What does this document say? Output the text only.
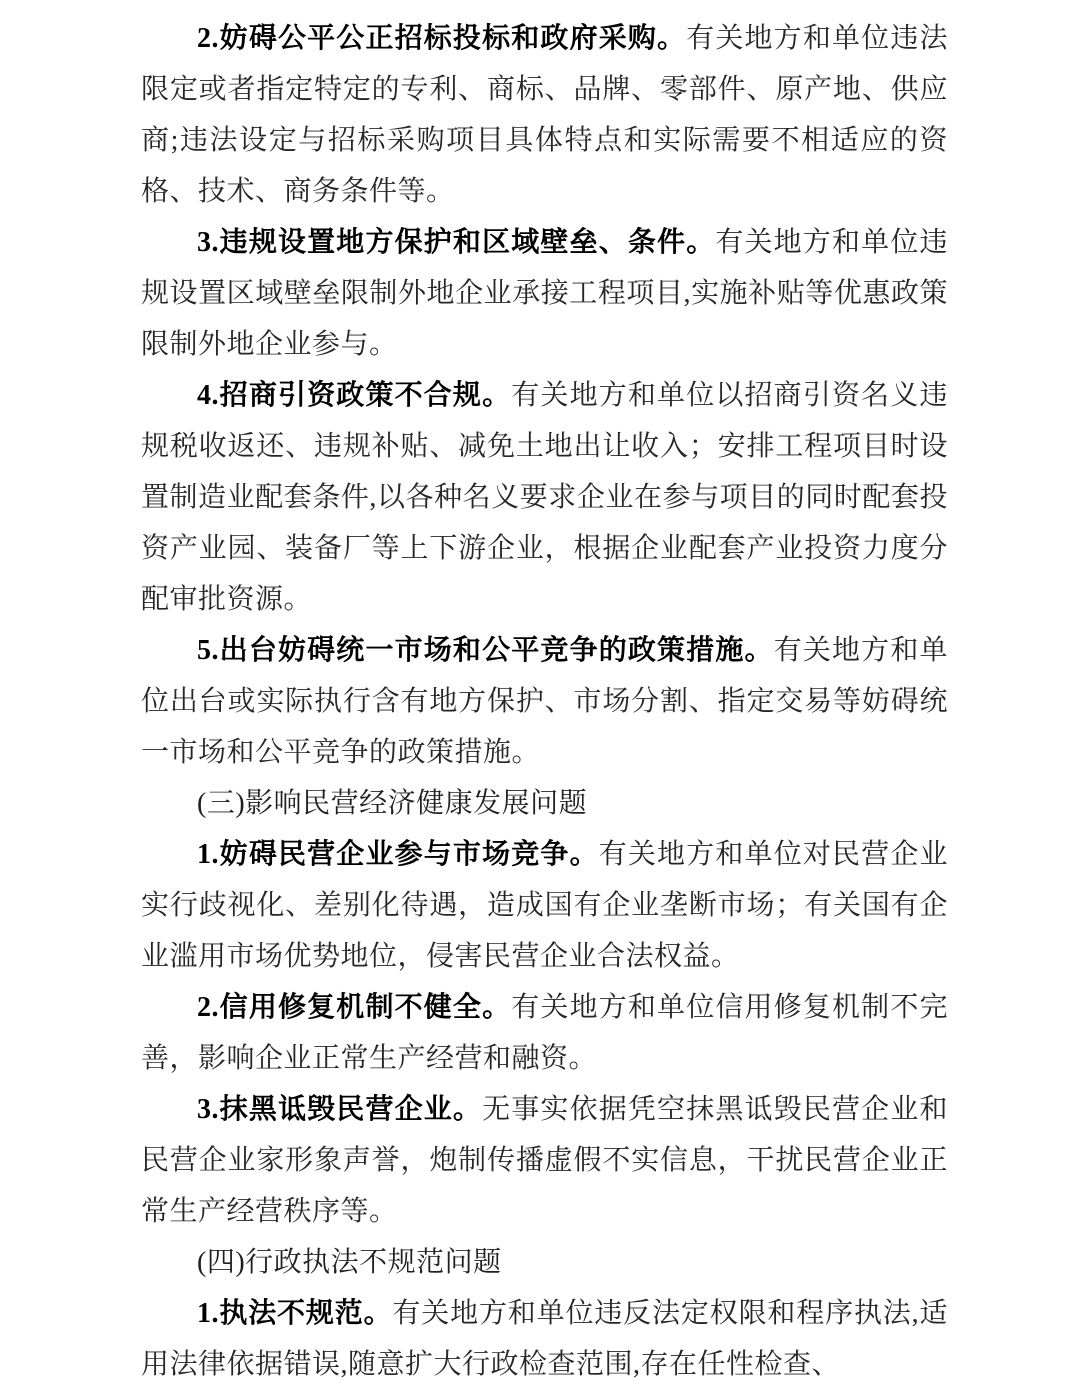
2.妨碍公平公正招标投标和政府采购。有关地方和单位违法限定或者指定特定的专利、商标、品牌、零部件、原产地、供应商;违法设定与招标采购项目具体特点和实际需要不相适应的资格、技术、商务条件等。

3.违规设置地方保护和区域壁垒、条件。有关地方和单位违规设置区域壁垒限制外地企业承接工程项目,实施补贴等优惠政策限制外地企业参与。

4.招商引资政策不合规。有关地方和单位以招商引资名义违规税收返还、违规补贴、减免土地出让收入；安排工程项目时设置制造业配套条件,以各种名义要求企业在参与项目的同时配套投资产业园、装备厂等上下游企业，根据企业配套产业投资力度分配审批资源。

5.出台妨碍统一市场和公平竞争的政策措施。有关地方和单位出台或实际执行含有地方保护、市场分割、指定交易等妨碍统一市场和公平竞争的政策措施。

(三)影响民营经济健康发展问题

1.妨碍民营企业参与市场竞争。有关地方和单位对民营企业实行歧视化、差别化待遇，造成国有企业垄断市场；有关国有企业滥用市场优势地位，侵害民营企业合法权益。

2.信用修复机制不健全。有关地方和单位信用修复机制不完善，影响企业正常生产经营和融资。

3.抹黑诋毁民营企业。无事实依据凭空抹黑诋毁民营企业和民营企业家形象声誉，炮制传播虚假不实信息，干扰民营企业正常生产经营秩序等。

(四)行政执法不规范问题

1.执法不规范。有关地方和单位违反法定权限和程序执法,适用法律依据错误,随意扩大行政检查范围,存在任性检查、
